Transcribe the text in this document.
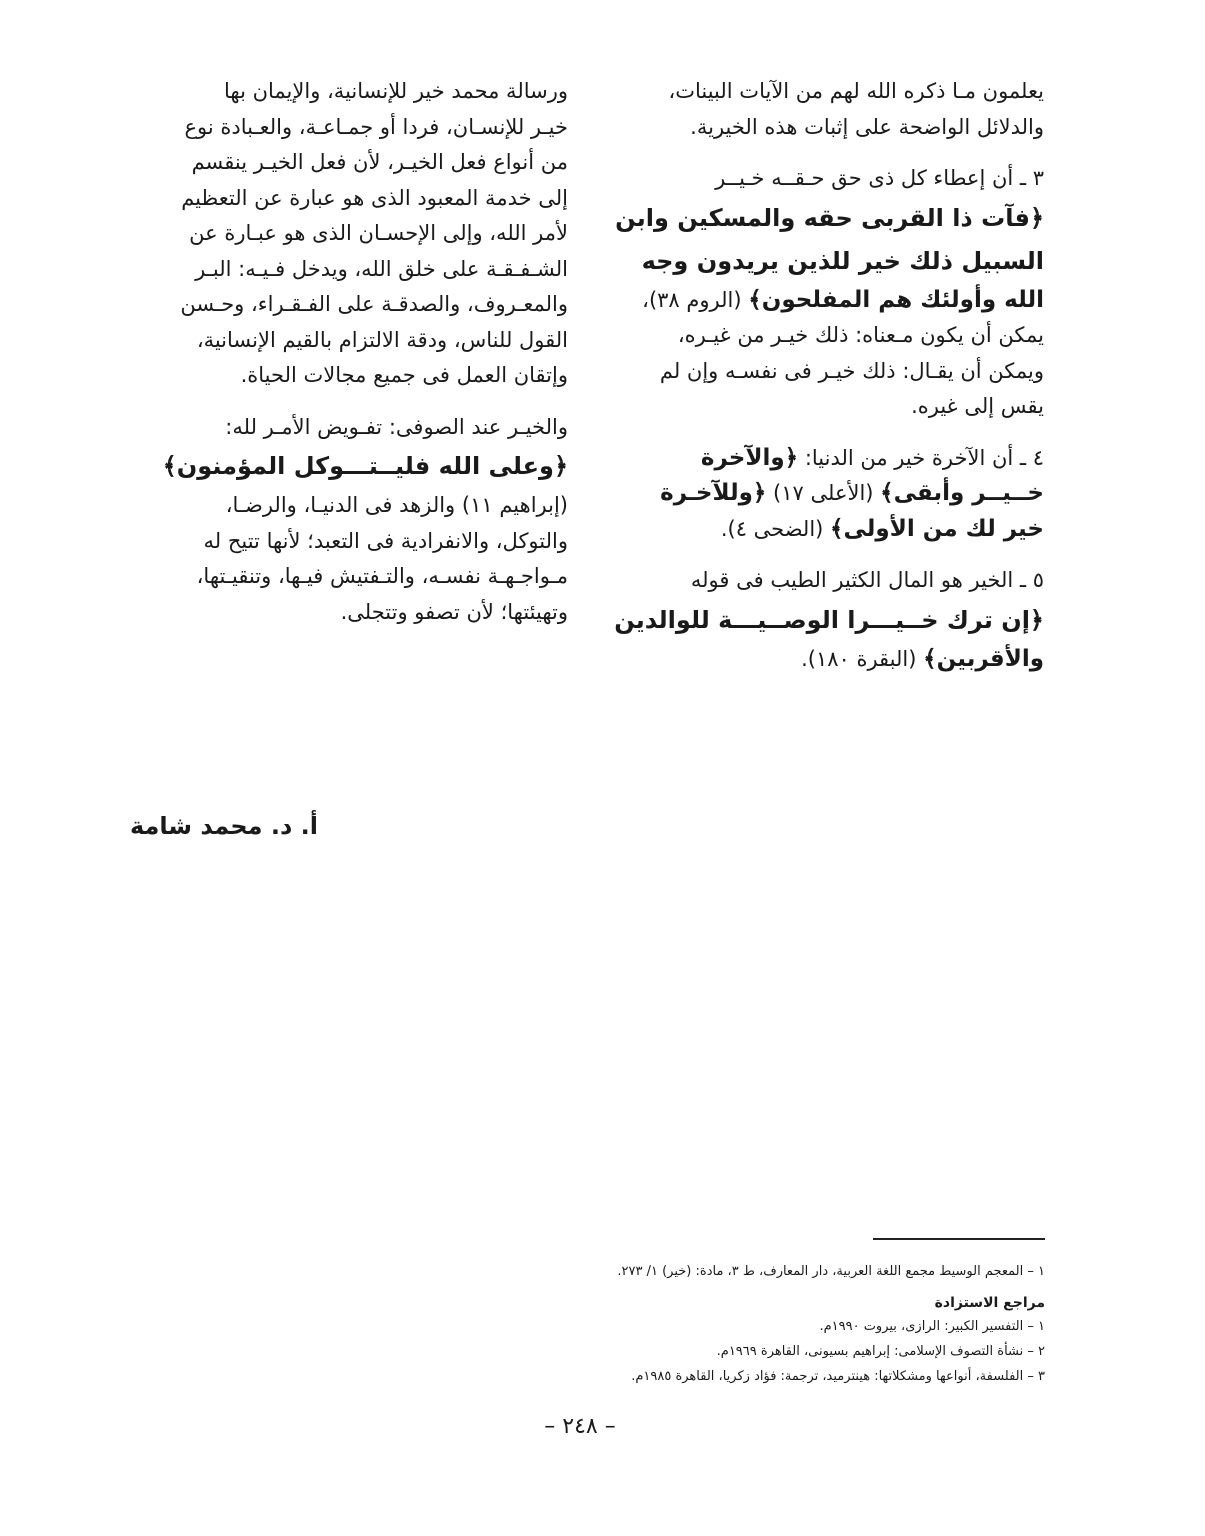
يعلمون مـا ذكره الله لهم من الآيات البينات،
والدلائل الواضحة على إثبات هذه الخيرية.
٣ ـ أن إعطاء كل ذى حق حـقــه خـيــر
﴿فآت ذا القربى حقه والمسكين وابن
السبيل ذلك خير للذين يريدون وجه
الله وأولئك هم المفلحون﴾ (الروم ٣٨)،
يمكن أن يكون مـعناه: ذلك خيـر من غيـره،
ويمكن أن يقـال: ذلك خيـر فى نفسـه وإن لم
يقس إلى غيره.
٤ ـ أن الآخرة خير من الدنيا: ﴿والآخرة
خــيــر وأبقى﴾ (الأعلى ١٧) ﴿وللآخـرة
خير لك من الأولى﴾ (الضحى ٤).
٥ ـ الخير هو المال الكثير الطيب فى قوله
﴿إن ترك خــيـــرا الوصــيـــة للوالدين
والأقربين﴾ (البقرة ١٨٠).
ورسالة محمد خير للإنسانية، والإيمان بها
خيـر للإنسـان، فردا أو جمـاعـة، والعـبادة نوع
من أنواع فعل الخيـر، لأن فعل الخيـر ينقسم
إلى خدمة المعبود الذى هو عبارة عن التعظيم
لأمر الله، وإلى الإحسـان الذى هو عبـارة عن
الشـفـقـة على خلق الله، ويدخل فـيـه: البـر
والمعـروف، والصدقـة على الفـقـراء، وحـسن
القول للناس، ودقة الالتزام بالقيم الإنسانية،
وإتقان العمل فى جميع مجالات الحياة.
والخيـر عند الصوفى: تفـويض الأمـر لله:
﴿وعلى الله فليــتـــوكل المؤمنون﴾
(إبراهيم ١١) والزهد فى الدنيـا، والرضـا،
والتوكل، والانفرادية فى التعبد؛ لأنها تتيح له
مـواجـهـة نفسـه، والتـفتيش فيـها، وتنقيـتها،
وتهيئتها؛ لأن تصفو وتتجلى.
أ. د. محمد شامة
١ – المعجم الوسيط مجمع اللغة العربية، دار المعارف، ط ٣، مادة: (خير) ١/ ٢٧٣.
مراجع الاستزادة
١ – التفسير الكبير: الرازى، بيروت ١٩٩٠م.
٢ – نشأة التصوف الإسلامى: إبراهيم بسيونى، القاهرة ١٩٦٩م.
٣ – الفلسفة، أنواعها ومشكلاتها: هينترميد، ترجمة: فؤاد زكريا، القاهرة ١٩٨٥م.
– ٢٤٨ –
